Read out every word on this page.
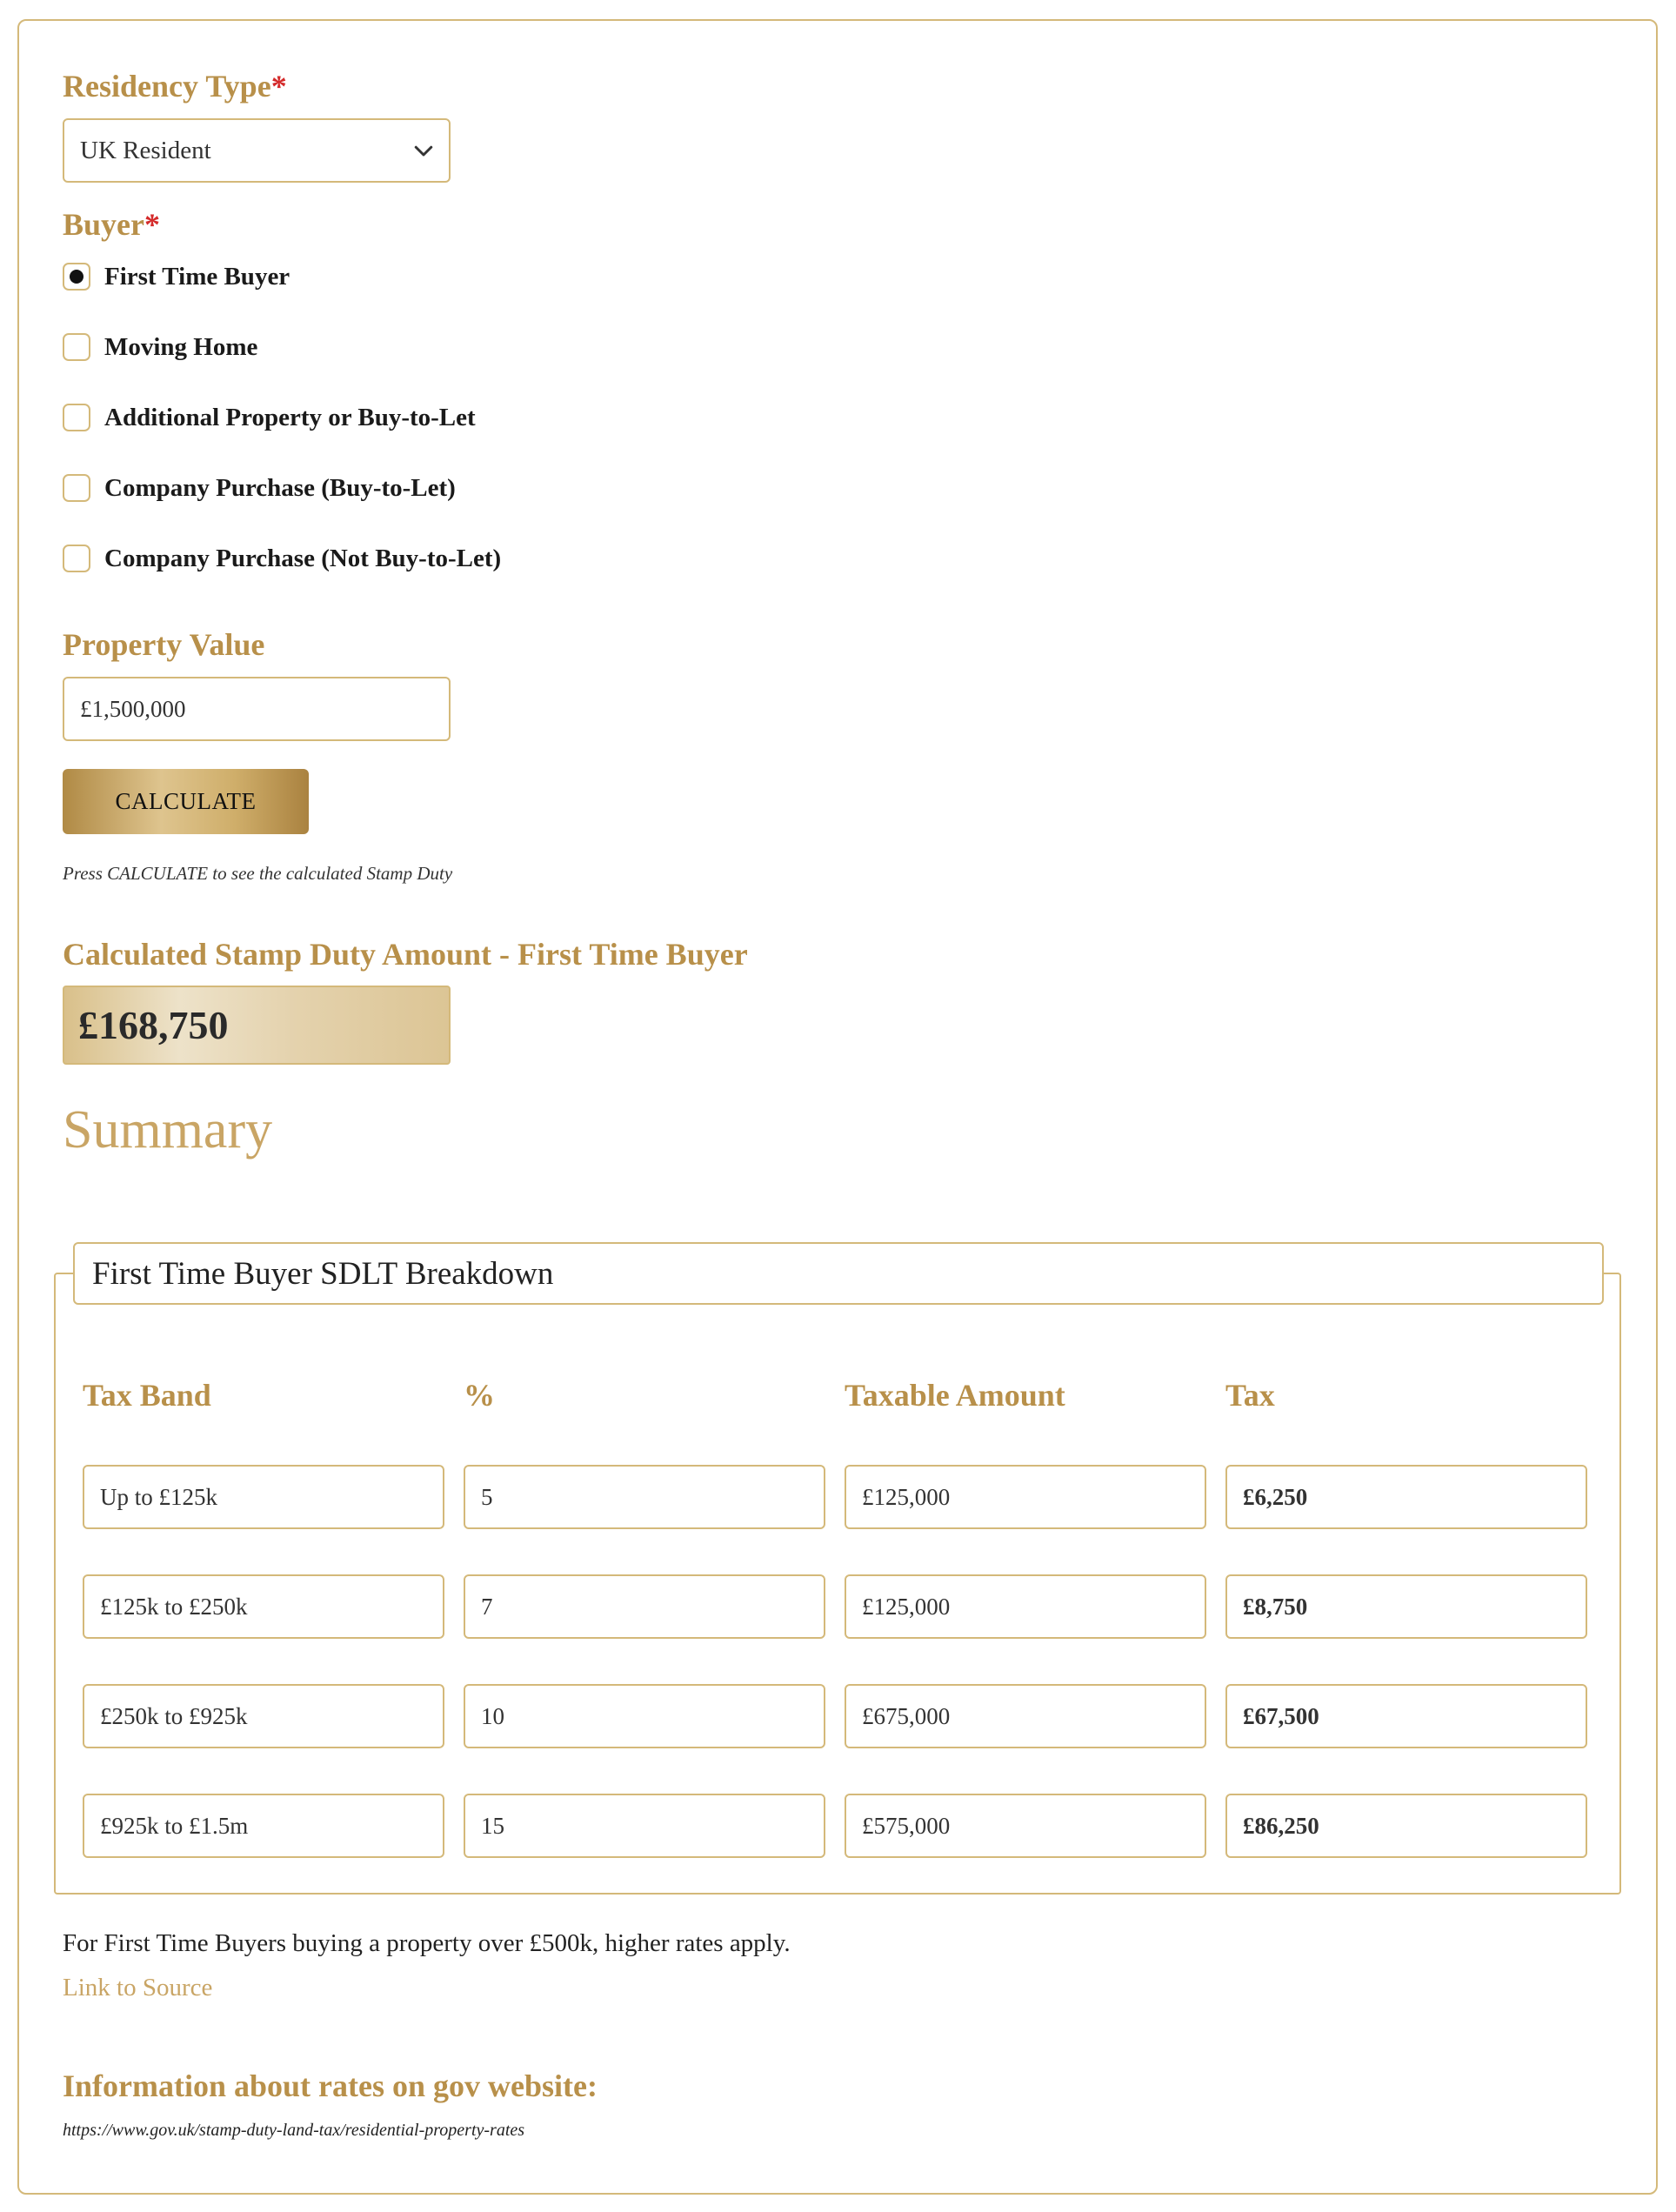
Residency Type*
UK Resident
Buyer*
First Time Buyer
Moving Home
Additional Property or Buy-to-Let
Company Purchase (Buy-to-Let)
Company Purchase (Not Buy-to-Let)
Property Value
£1,500,000
CALCULATE
Press CALCULATE to see the calculated Stamp Duty
Calculated Stamp Duty Amount - First Time Buyer
£168,750
Summary
First Time Buyer SDLT Breakdown
Tax Band	%	Taxable Amount	Tax
Up to £125k	5	£125,000	£6,250
£125k to £250k	7	£125,000	£8,750
£250k to £925k	10	£675,000	£67,500
£925k to £1.5m	15	£575,000	£86,250
For First Time Buyers buying a property over £500k, higher rates apply.
Link to Source
Information about rates on gov website:
https://www.gov.uk/stamp-duty-land-tax/residential-property-rates
